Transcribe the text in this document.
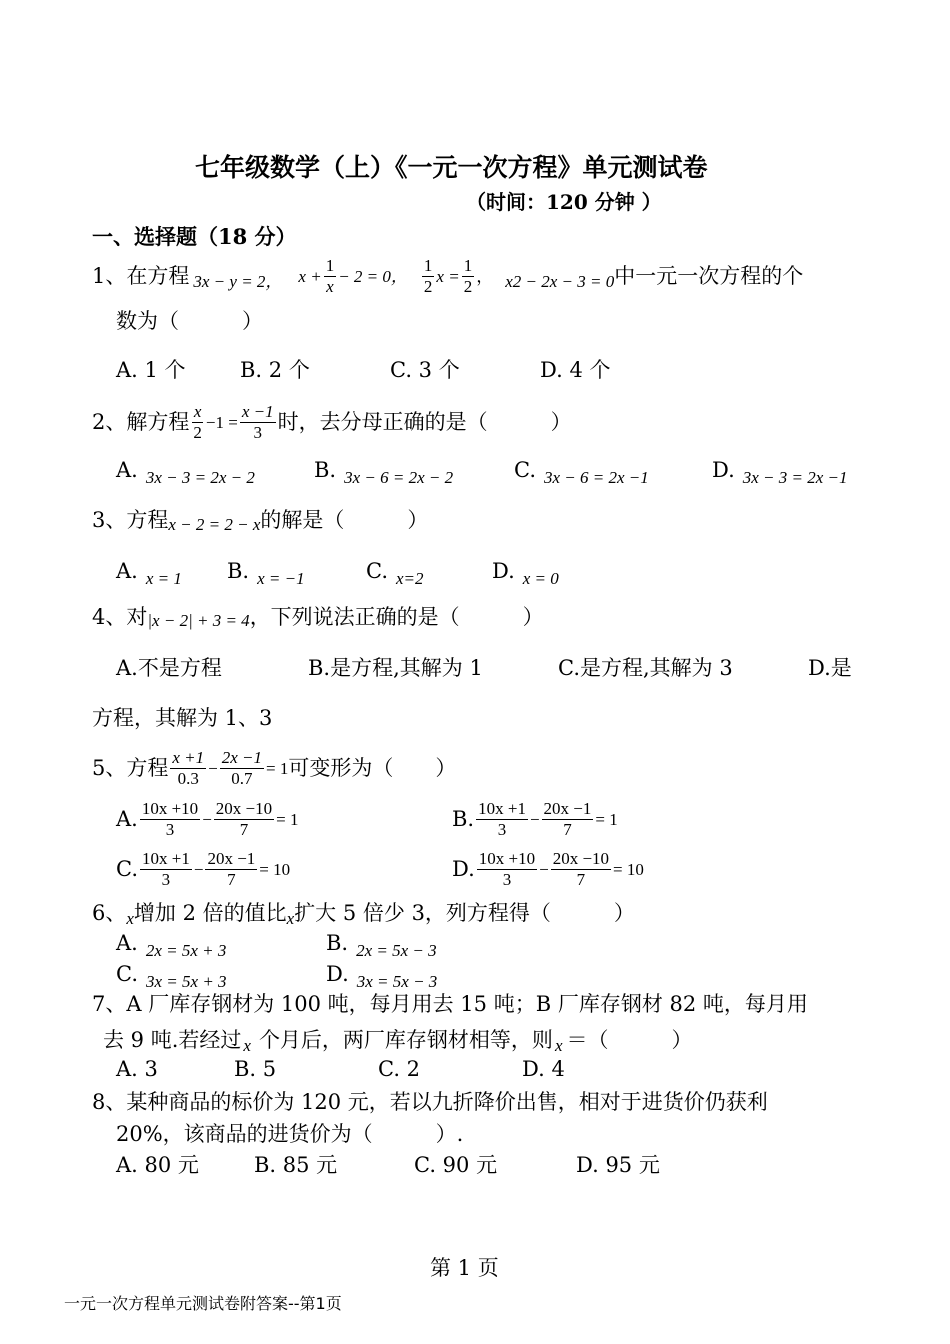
七年级数学（上）《一元一次方程》单元测试卷
（时间：120 分钟 ）
一、选择题（18 分）
1、在方程 3x − y = 2， $x + \frac{1}{x} - 2 = 0$， $\frac{1}{2}$ $x = \frac{1}{2}$ ， x2 − 2x − 3 = 0 中一元一次方程的个
数为（　　　）
A. 1 个	B. 2 个	C. 3 个	D. 4 个
2、解方程 $\frac{x}{2} -1 = \frac{x -1}{3}$ 时，去分母正确的是（　　　）
A. 3x − 3 = 2x − 2	B. 3x − 6 = 2x − 2	C. 3x − 6 = 2x −1	D. 3x − 3 = 2x −1
3、方程 x − 2 = 2 − x 的解是（　　　）
A. x = 1 B. x = −1	C. x=2	D. x = 0
4、对 |x − 2| + 3 = 4 ，下列说法正确的是（　　　）
A.不是方程	B.是方程,其解为 1	C.是方程,其解为 3	D.是
方程，其解为 1、3
5、方程 $\frac{x +1}{0.3} - \frac{2x -1}{0.7} = 1$ 可变形为（　　）
A. $\frac{10x +10}{3} - \frac{20x -10}{7} = 1$	B. $\frac{10x +1}{3} - \frac{20x -1}{7} = 1$
C. $\frac{10x +1}{3} - \frac{20x -1}{7} = 10$	D. $\frac{10x +10}{3} - \frac{20x -10}{7} = 10$
6、 x 增加 2 倍的值比 x 扩大 5 倍少 3，列方程得（　　　）
A. 2x = 5x + 3	B. 2x = 5x − 3
C. 3x = 5x + 3	D. 3x = 5x − 3
7、A 厂库存钢材为 100 吨，每月用去 15 吨；B 厂库存钢材 82 吨，每月用
去 9 吨.若经过 x 个月后，两厂库存钢材相等，则 x ＝（　　　）
A. 3	B. 5	C. 2	D. 4
8、某种商品的标价为 120 元，若以九折降价出售，相对于进货价仍获利
20%，该商品的进货价为（　　　）.
A. 80 元	B. 85 元	C. 90 元	D. 95 元
第 1 页
一元一次方程单元测试卷附答案--第1页
